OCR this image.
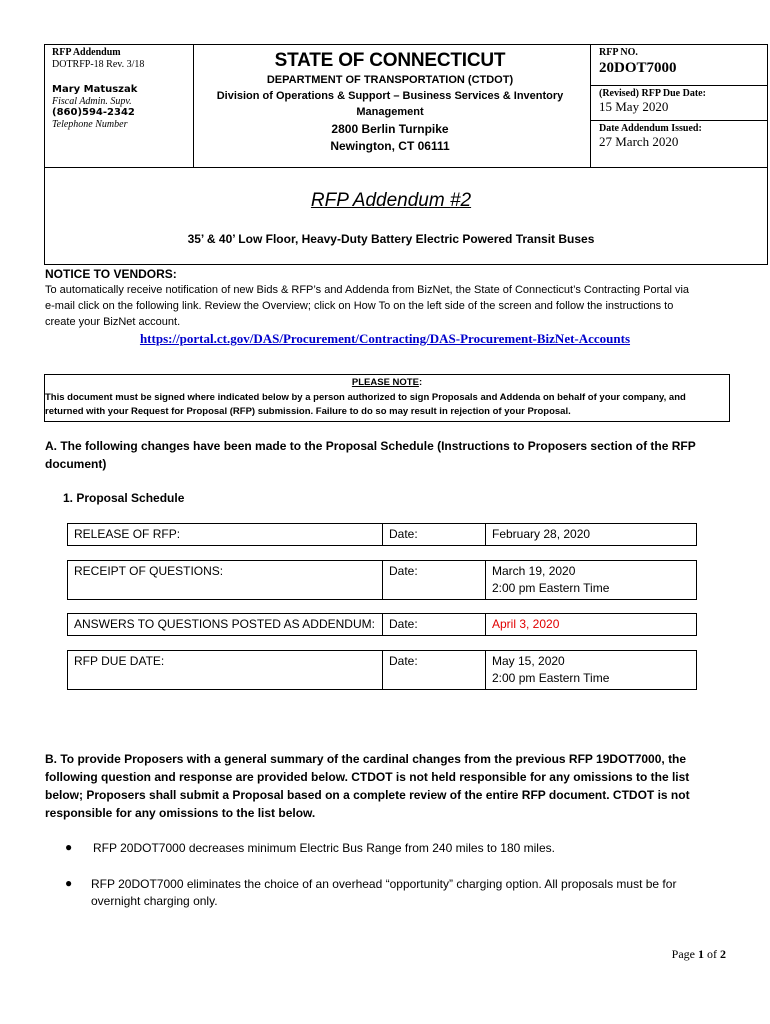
RFP Addendum
DOTRFP-18 Rev. 3/18
Mary Matuszak
Fiscal Admin. Supv.
(860)594-2342
Telephone Number
STATE OF CONNECTICUT
DEPARTMENT OF TRANSPORTATION (CTDOT)
Division of Operations & Support – Business Services & Inventory
Management
2800 Berlin Turnpike
Newington, CT 06111
RFP NO.
20DOT7000
(Revised) RFP Due Date:
15 May 2020
Date Addendum Issued:
27 March 2020
RFP Addendum #2
35’ & 40’ Low Floor, Heavy-Duty Battery Electric Powered Transit Buses
NOTICE TO VENDORS:
To automatically receive notification of new Bids & RFP’s and Addenda from BizNet, the State of Connecticut’s Contracting Portal via
e-mail click on the following link. Review the Overview; click on How To on the left side of the screen and follow the instructions to
create your BizNet account.
https://portal.ct.gov/DAS/Procurement/Contracting/DAS-Procurement-BizNet-Accounts
PLEASE NOTE:
This document must be signed where indicated below by a person authorized to sign Proposals and Addenda on behalf of your company, and
returned with your Request for Proposal (RFP) submission. Failure to do so may result in rejection of your Proposal.
A. The following changes have been made to the Proposal Schedule (Instructions to Proposers section of the RFP
document)
1. Proposal Schedule
RELEASE OF RFP:	Date:	February 28, 2020
RECEIPT OF QUESTIONS:	Date:	March 19, 2020
2:00 pm Eastern Time
ANSWERS TO QUESTIONS POSTED AS ADDENDUM:	Date:	April 3, 2020
RFP DUE DATE:	Date:	May 15, 2020
2:00 pm Eastern Time
B. To provide Proposers with a general summary of the cardinal changes from the previous RFP 19DOT7000, the
following question and response are provided below. CTDOT is not held responsible for any omissions to the list
below; Proposers shall submit a Proposal based on a complete review of the entire RFP document. CTDOT is not
responsible for any omissions to the list below.
● RFP 20DOT7000 decreases minimum Electric Bus Range from 240 miles to 180 miles.
● RFP 20DOT7000 eliminates the choice of an overhead “opportunity” charging option. All proposals must be for
overnight charging only.
Page 1 of 2
